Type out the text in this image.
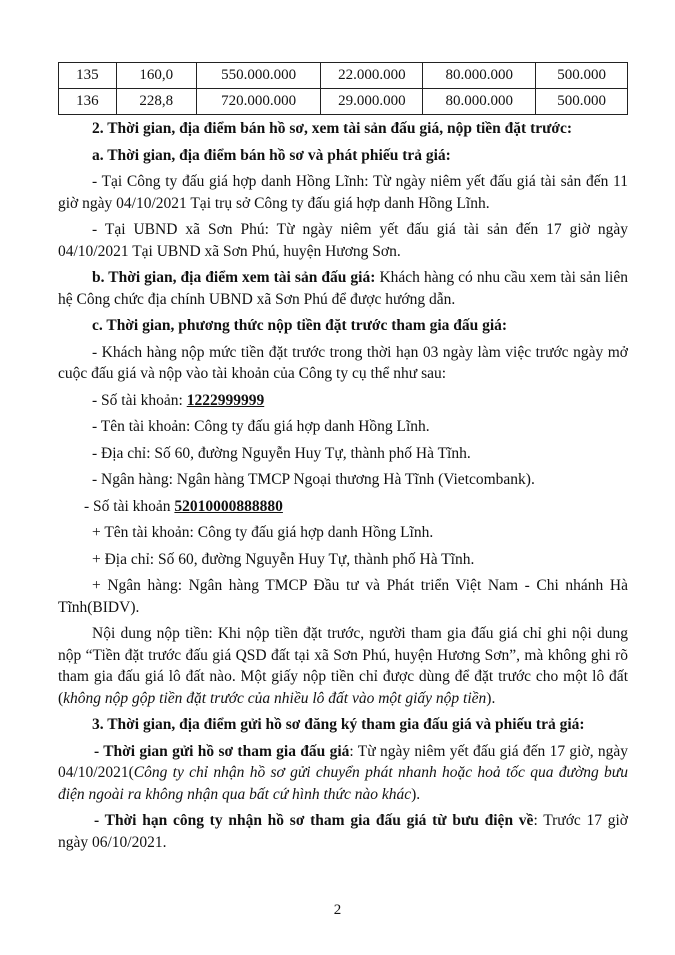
135	160,0	550.000.000	22.000.000	80.000.000	500.000
136	228,8	720.000.000	29.000.000	80.000.000	500.000

2. Thời gian, địa điểm bán hồ sơ, xem tài sản đấu giá, nộp tiền đặt trước:

a. Thời gian, địa điểm bán hồ sơ và phát phiếu trả giá:

- Tại Công ty đấu giá hợp danh Hồng Lĩnh: Từ ngày niêm yết đấu giá tài sản đến 11 giờ ngày 04/10/2021 Tại trụ sở Công ty đấu giá hợp danh Hồng Lĩnh.

- Tại UBND xã Sơn Phú: Từ ngày niêm yết đấu giá tài sản đến 17 giờ ngày 04/10/2021 Tại UBND xã Sơn Phú, huyện Hương Sơn.

b. Thời gian, địa điểm xem tài sản đấu giá: Khách hàng có nhu cầu xem tài sản liên hệ Công chức địa chính UBND xã Sơn Phú để được hướng dẫn.

c. Thời gian, phương thức nộp tiền đặt trước tham gia đấu giá:

- Khách hàng nộp mức tiền đặt trước trong thời hạn 03 ngày làm việc trước ngày mở cuộc đấu giá và nộp vào tài khoản của Công ty cụ thể như sau:

- Số tài khoản: 1222999999

- Tên tài khoản: Công ty đấu giá hợp danh Hồng Lĩnh.

- Địa chỉ: Số 60, đường Nguyễn Huy Tự, thành phố Hà Tĩnh.

- Ngân hàng: Ngân hàng TMCP Ngoại thương Hà Tĩnh (Vietcombank).

- Số tài khoản 52010000888880

+ Tên tài khoản: Công ty đấu giá hợp danh Hồng Lĩnh.

+ Địa chỉ: Số 60, đường Nguyễn Huy Tự, thành phố Hà Tĩnh.

+ Ngân hàng: Ngân hàng TMCP Đầu tư và Phát triển Việt Nam - Chi nhánh Hà Tĩnh(BIDV).

Nội dung nộp tiền: Khi nộp tiền đặt trước, người tham gia đấu giá chỉ ghi nội dung nộp “Tiền đặt trước đấu giá QSD đất tại xã Sơn Phú, huyện Hương Sơn”, mà không ghi rõ tham gia đấu giá lô đất nào. Một giấy nộp tiền chỉ được dùng để đặt trước cho một lô đất (không nộp gộp tiền đặt trước của nhiều lô đất vào một giấy nộp tiền).

3. Thời gian, địa điểm gửi hồ sơ đăng ký tham gia đấu giá và phiếu trả giá:

- Thời gian gửi hồ sơ tham gia đấu giá: Từ ngày niêm yết đấu giá đến 17 giờ, ngày 04/10/2021(Công ty chỉ nhận hồ sơ gửi chuyển phát nhanh hoặc hoả tốc qua đường bưu điện ngoài ra không nhận qua bất cứ hình thức nào khác).

- Thời hạn công ty nhận hồ sơ tham gia đấu giá từ bưu điện về: Trước 17 giờ ngày 06/10/2021.

2
